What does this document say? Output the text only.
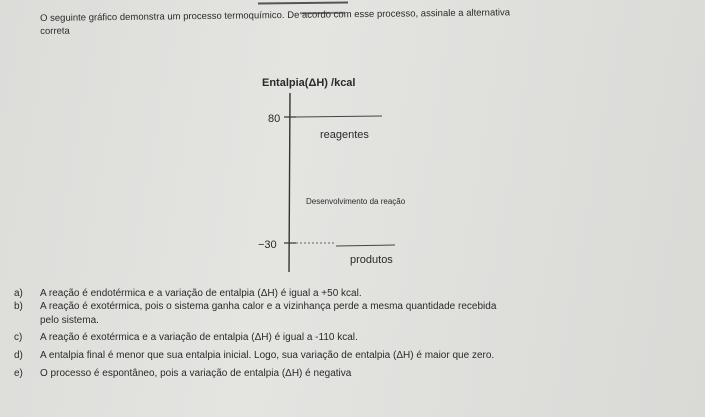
O seguinte gráfico demonstra um processo termoquímico. De acordo com esse processo, assinale a alternativa
correta
Entalpia(ΔH) /kcal
80
reagentes
Desenvolvimento da reação
−30
produtos
a) A reação é endotérmica e a variação de entalpia (ΔH) é igual a +50 kcal.
b) A reação é exotérmica, pois o sistema ganha calor e a vizinhança perde a mesma quantidade recebida
pelo sistema.
c) A reação é exotérmica e a variação de entalpia (ΔH) é igual a -110 kcal.
d) A entalpia final é menor que sua entalpia inicial. Logo, sua variação de entalpia (ΔH) é maior que zero.
e) O processo é espontâneo, pois a variação de entalpia (ΔH) é negativa
